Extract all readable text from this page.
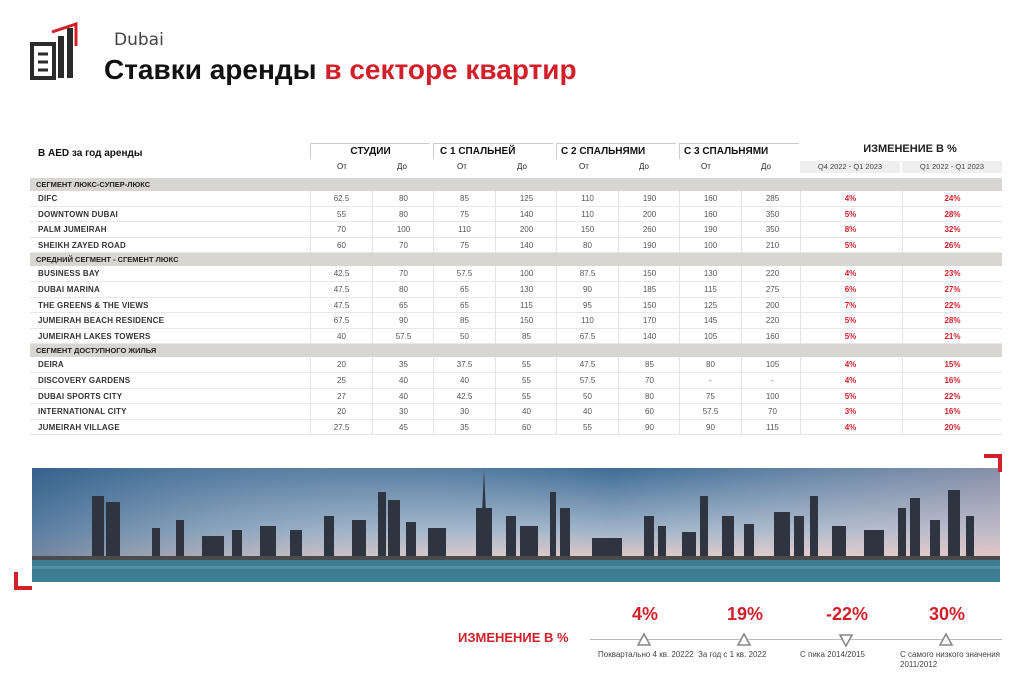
Dubai
Ставки аренды в секторе квартир
В AED за год аренды	СТУДИИ	С 1 СПАЛЬНЕЙ	С 2 СПАЛЬНЯМИ	С 3 СПАЛЬНЯМИ
От	До	От	До	От	До	От	До
ИЗМЕНЕНИЕ В %
Q4 2022 - Q1 2023	Q1 2022 - Q1 2023
СЕГМЕНТ ЛЮКС-СУПЕР-ЛЮКС
DIFC	62.5	80	85	125	110	190	160	285	4%	24%
DOWNTOWN DUBAI	55	80	75	140	110	200	160	350	5%	28%
PALM JUMEIRAH	70	100	110	200	150	260	190	350	8%	32%
SHEIKH ZAYED ROAD	60	70	75	140	80	190	100	210	5%	26%
СРЕДНИЙ СЕГМЕНТ - СГЕМЕНТ ЛЮКС
BUSINESS BAY	42.5	70	57.5	100	87.5	150	130	220	4%	23%
DUBAI MARINA	47.5	80	65	130	90	185	115	275	6%	27%
THE GREENS & THE VIEWS	47.5	65	65	115	95	150	125	200	7%	22%
JUMEIRAH BEACH RESIDENCE	67.5	90	85	150	110	170	145	220	5%	28%
JUMEIRAH LAKES TOWERS	40	57.5	50	85	67.5	140	105	160	5%	21%
СЕГМЕНТ ДОСТУПНОГО ЖИЛЬЯ
DEIRA	20	35	37.5	55	47.5	85	80	105	4%	15%
DISCOVERY GARDENS	25	40	40	55	57.5	70	-	-	4%	16%
DUBAI SPORTS CITY	27	40	42.5	55	50	80	75	100	5%	22%
INTERNATIONAL CITY	20	30	30	40	40	60	57.5	70	3%	16%
JUMEIRAH VILLAGE	27.5	45	35	60	55	90	90	115	4%	20%
ИЗМЕНЕНИЕ В %
4%
Поквартально 4 кв. 20222
19%
За год с 1 кв. 2022
-22%
С пика 2014/2015
30%
С самого низкого значения 2011/2012
